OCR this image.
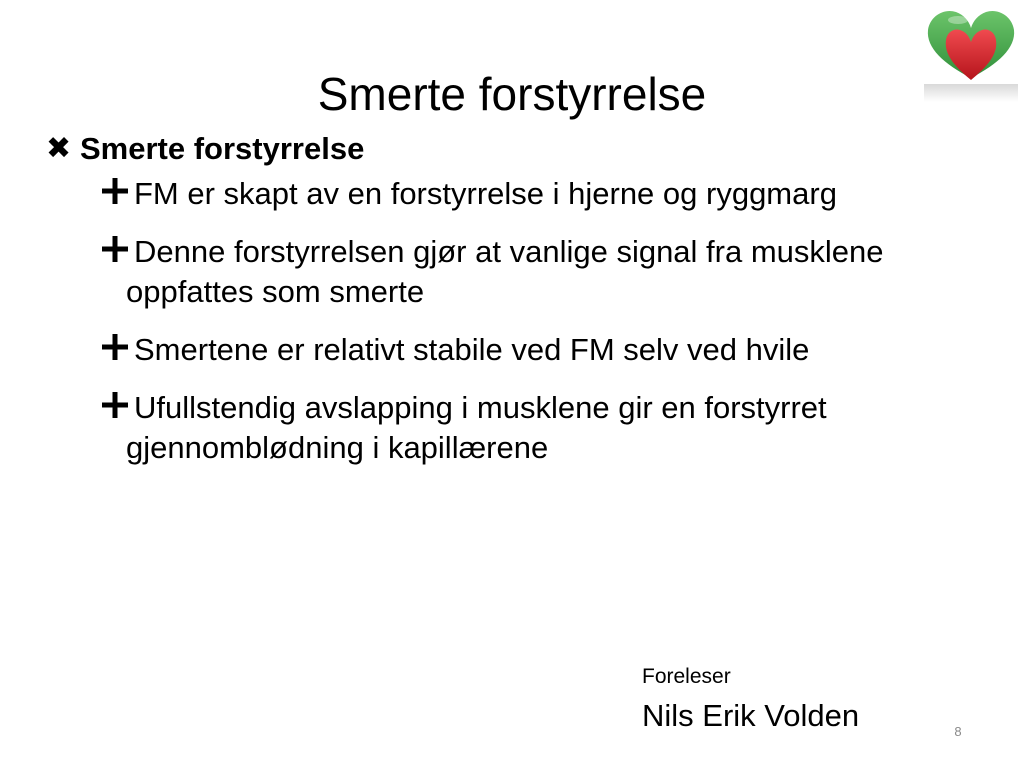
Smerte forstyrrelse
✖ Smerte forstyrrelse
FM er skapt av en forstyrrelse i hjerne og ryggmarg
Denne forstyrrelsen gjør at vanlige signal fra musklene oppfattes som smerte
Smertene er relativt stabile ved FM selv ved hvile
Ufullstendig avslapping i musklene gir en forstyrret gjennomblødning i kapillærene
Foreleser
Nils Erik Volden	8
